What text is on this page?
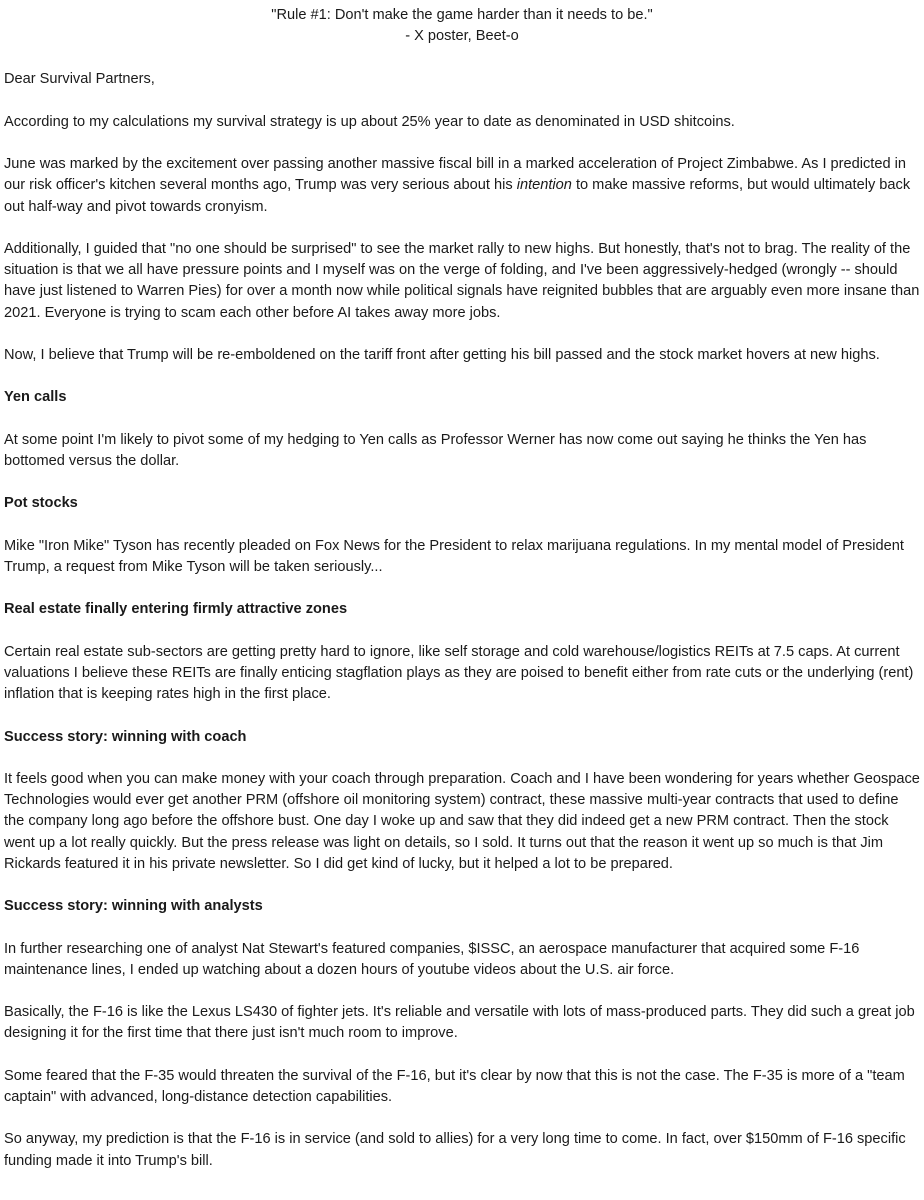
"Rule #1: Don't make the game harder than it needs to be."
- X poster, Beet-o

Dear Survival Partners,

According to my calculations my survival strategy is up about 25% year to date as denominated in USD shitcoins.

June was marked by the excitement over passing another massive fiscal bill in a marked acceleration of Project Zimbabwe. As I predicted in our risk officer's kitchen several months ago, Trump was very serious about his intention to make massive reforms, but would ultimately back out half-way and pivot towards cronyism.

Additionally, I guided that "no one should be surprised" to see the market rally to new highs. But honestly, that's not to brag. The reality of the situation is that we all have pressure points and I myself was on the verge of folding, and I've been aggressively-hedged (wrongly -- should have just listened to Warren Pies) for over a month now while political signals have reignited bubbles that are arguably even more insane than 2021. Everyone is trying to scam each other before AI takes away more jobs.

Now, I believe that Trump will be re-emboldened on the tariff front after getting his bill passed and the stock market hovers at new highs.

Yen calls

At some point I'm likely to pivot some of my hedging to Yen calls as Professor Werner has now come out saying he thinks the Yen has bottomed versus the dollar.

Pot stocks

Mike "Iron Mike" Tyson has recently pleaded on Fox News for the President to relax marijuana regulations. In my mental model of President Trump, a request from Mike Tyson will be taken seriously...

Real estate finally entering firmly attractive zones

Certain real estate sub-sectors are getting pretty hard to ignore, like self storage and cold warehouse/logistics REITs at 7.5 caps. At current valuations I believe these REITs are finally enticing stagflation plays as they are poised to benefit either from rate cuts or the underlying (rent) inflation that is keeping rates high in the first place.

Success story: winning with coach

It feels good when you can make money with your coach through preparation. Coach and I have been wondering for years whether Geospace Technologies would ever get another PRM (offshore oil monitoring system) contract, these massive multi-year contracts that used to define the company long ago before the offshore bust. One day I woke up and saw that they did indeed get a new PRM contract. Then the stock went up a lot really quickly. But the press release was light on details, so I sold. It turns out that the reason it went up so much is that Jim Rickards featured it in his private newsletter. So I did get kind of lucky, but it helped a lot to be prepared.

Success story: winning with analysts

In further researching one of analyst Nat Stewart's featured companies, $ISSC, an aerospace manufacturer that acquired some F-16 maintenance lines, I ended up watching about a dozen hours of youtube videos about the U.S. air force.

Basically, the F-16 is like the Lexus LS430 of fighter jets. It's reliable and versatile with lots of mass-produced parts. They did such a great job designing it for the first time that there just isn't much room to improve.

Some feared that the F-35 would threaten the survival of the F-16, but it's clear by now that this is not the case. The F-35 is more of a "team captain" with advanced, long-distance detection capabilities.

So anyway, my prediction is that the F-16 is in service (and sold to allies) for a very long time to come. In fact, over $150mm of F-16 specific funding made it into Trump's bill.
